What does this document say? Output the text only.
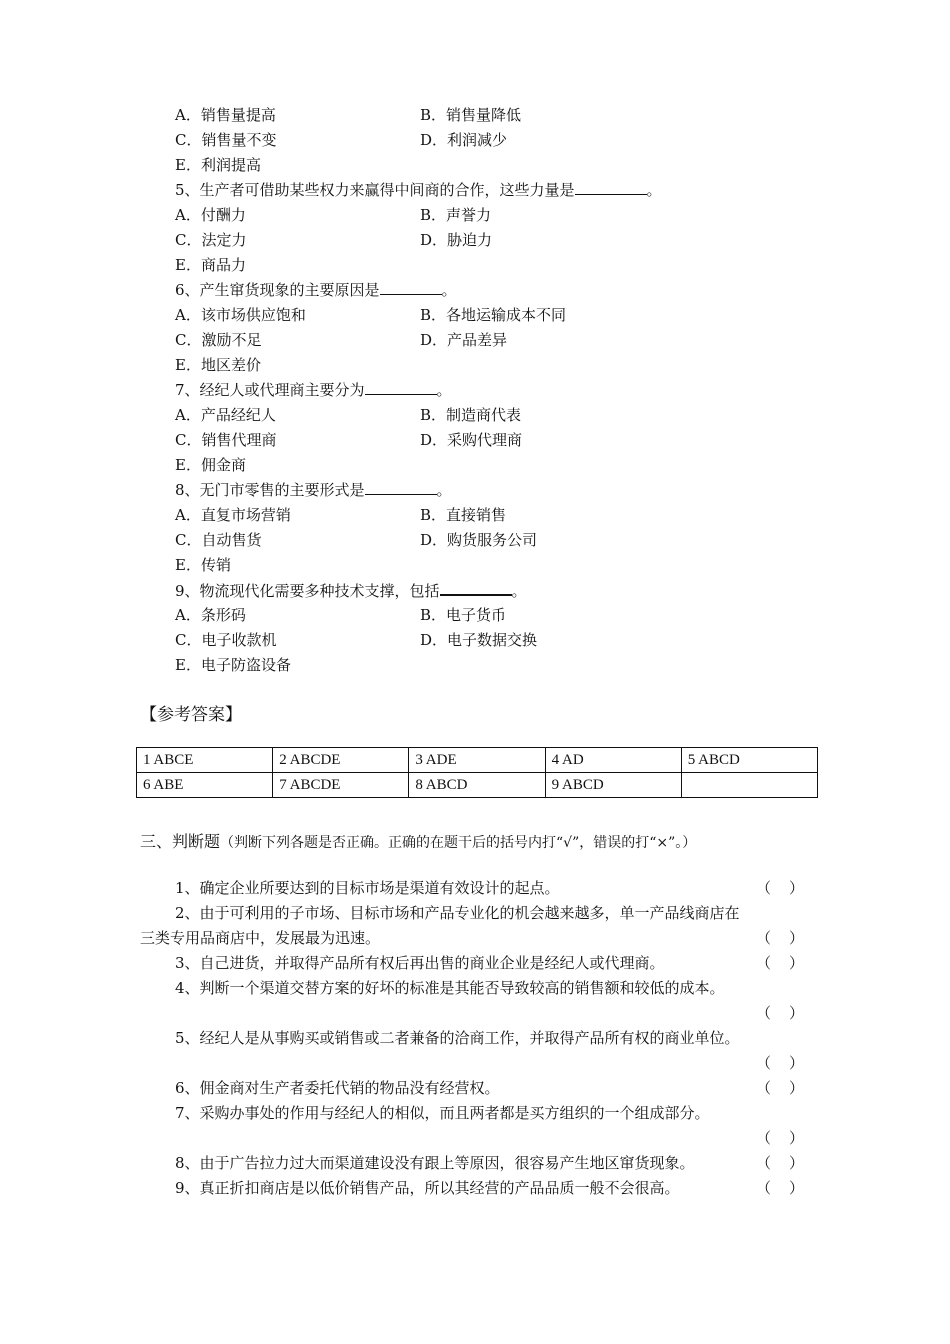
A．销售量提高	B．销售量降低
C．销售量不变	D．利润减少
E．利润提高
5、生产者可借助某些权力来赢得中间商的合作，这些力量是	。
A．付酬力	B．声誉力
C．法定力	D．胁迫力
E．商品力
6、产生窜货现象的主要原因是	。
A．该市场供应饱和	B．各地运输成本不同
C．激励不足	D．产品差异
E．地区差价
7、经纪人或代理商主要分为	。
A．产品经纪人	B．制造商代表
C．销售代理商	D．采购代理商
E．佣金商
8、无门市零售的主要形式是	。
A．直复市场营销	B．直接销售
C．自动售货	D．购货服务公司
E．传销
9、物流现代化需要多种技术支撑，包括	。
A．条形码	B．电子货币
C．电子收款机	D．电子数据交换
E．电子防盗设备
【参考答案】
1 ABCE	2 ABCDE	3 ADE	4 AD	5 ABCD
6 ABE	7 ABCDE	8 ABCD	9 ABCD	
三、判断题（判断下列各题是否正确。正确的在题干后的括号内打“√”，错误的打“×”。）
1、确定企业所要达到的目标市场是渠道有效设计的起点。	（ ）
2、由于可利用的子市场、目标市场和产品专业化的机会越来越多，单一产品线商店在
三类专用品商店中，发展最为迅速。	（ ）
3、自己进货，并取得产品所有权后再出售的商业企业是经纪人或代理商。	（ ）
4、判断一个渠道交替方案的好坏的标准是其能否导致较高的销售额和较低的成本。
（ ）
5、经纪人是从事购买或销售或二者兼备的洽商工作，并取得产品所有权的商业单位。
（ ）
6、佣金商对生产者委托代销的物品没有经营权。	（ ）
7、采购办事处的作用与经纪人的相似，而且两者都是买方组织的一个组成部分。
（ ）
8、由于广告拉力过大而渠道建设没有跟上等原因，很容易产生地区窜货现象。	（ ）
9、真正折扣商店是以低价销售产品，所以其经营的产品品质一般不会很高。	（ ）
